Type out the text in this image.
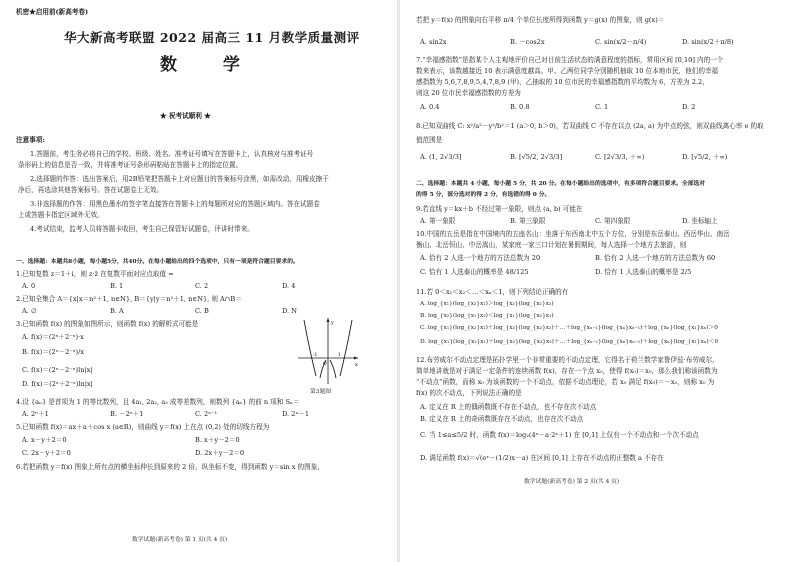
机密★启用前(新高考卷)
华大新高考联盟 2022 届高三 11 月教学质量测评
数 学
★ 祝考试顺利 ★
注意事项:
1.答题前，考生务必将自己的学校、班级、姓名、准考证号填写在答题卡上，认真核对与准考证号
条形码上的信息是否一致，并将准考证号条形码粘贴在答题卡上的指定位置。
2.选择题的作答：选出答案后，用2B铅笔把答题卡上对应题目的答案标号涂黑，如需改动，用橡皮擦干
净后，再选涂其他答案标号。答在试题卷上无效。
3.非选择题的作答：用黑色墨水的签字笔直接答在答题卡上的每题所对应的答题区域内。答在试题卷
上或答题卡指定区域外无效。
4.考试结束，监考人员将答题卡收回，考生自己保管好试题卷，评讲时带来。
一、选择题：本题共8小题，每小题5分，共40分。在每小题给出的四个选项中，只有一项是符合题目要求的。
1.已知复数 z＝1＋i，则 z·z̄ 在复数平面对应点取值 =
A. 0	B. 1	C. 2	D. 4
2.已知全集合 A＝{x|x＝n²＋1, n∈N}, B＝{y|y＝n²＋1, n∈N}, 则 A∩B＝
A. ∅	B. A	C. B	D. N
3.已知函数 f(x) 的图象如图所示，则函数 f(x) 的解析式可能是
A. f(x)＝(2ˣ＋2⁻ˣ)·x
B. f(x)＝(2ˣ－2⁻ˣ)/x
C. f(x)＝(2ˣ－2⁻ˣ)ln|x|
D. f(x)＝(2ˣ＋2⁻ˣ)ln|x|
x
y
O
-1	1
第3题图
4.设 {aₙ} 是首项为 1 的等比数列，且 4a₁, 2a₂, a₃ 成等差数列，则数列 {aₙ} 的前 n 项和 Sₙ＝
A. 2ⁿ＋1	B. －2ⁿ＋1	C. 2ⁿ⁻¹	D. 2ⁿ－1
5.已知函数 f(x)＝ax＋a＋cos x (a∈R)，则曲线 y＝f(x) 上在点 (0,2) 处的切线方程为
A. x－y＋2＝0	B. x＋y－2＝0
C. 2x－y＋2＝0	D. 2x＋y－2＝0
6.若把函数 y＝f(x) 图象上所有点的横坐标伸长到原来的 2 倍，纵坐标不变，得到函数 y＝sin x 的图象，
数学试题(新高考卷) 第 1 页(共 4 页)
若把 y＝f(x) 的图象向右平移 π/4 个单位长度所得到函数 y＝g(x) 的图象，则 g(x)＝
A. sin2x	B. －cos2x	C. sin(x/2－π/4)	D. sin(x/2＋π/8)
7.“幸福感指数”是指某个人主观地评价自己对目前生活状态的满意程度的指标，常用区间 [0,10] 内的一个
数来表示，该数越接近 10 表示满意度越高。甲、乙两位同学分别随机抽取 10 位本地市民，他们的幸福
感指数为 5,6,7,8,9,5,4,7,8,9 (甲)，乙抽取的 10 位市民的幸福感指数的平均数为 6，方差为 2.2，
则这 20 位市民幸福感指数的方差为
A. 0.4	B. 0.8	C. 1	D. 2
8.已知双曲线 C: x²/a²－y²/b²＝1 (a＞0, b＞0)，若双曲线 C 不存在以点 (2a, a) 为中点的弦，则双曲线离心率 e 的取
值范围是
A. (1, 2√3/3]	B. [√5/2, 2√3/3]	C. [2√3/3, ＋∞)	D. [√5/2, ＋∞)
二、选择题：本题共 4 小题，每小题 5 分，共 20 分。在每小题给出的选项中，有多项符合题目要求。全部选对
的得 5 分，部分选对的得 2 分，有选错的得 0 分。
9.若直线 y＝kx＋b 不经过第一象限，则点 (a, b) 可能在
A. 第一象限	B. 第三象限	C. 第四象限	D. 坐标轴上
10.中国的五岳是指在中国境内的五座名山：坐落于东西南北中五个方位，分别是东岳泰山、西岳华山、南岳
衡山、北岳恒山、中岳嵩山，某家庭一家三口计划在暑假期间，每人选择一个地方去旅游，则
A. 恰有 2 人选一个地方的方法总数为 20	B. 恰有 2 人选一个地方的方法总数为 60
C. 恰有 1 人选泰山的概率是 48/125	D. 恰有 1 人选泰山的概率是 2/5
11.若 0＜x₁＜x₂＜…＜xₙ＜1，则下列结论正确的有
A. log_{x₁}(log_{x₂}x₁)＞log_{x₂}(log_{x₁}x₂)
B. log_{x₂}(log_{x₁}x₂)＜log_{x₁}(log_{x₂}x₁)
C. log_{x₁}(log_{x₂}x₁)＋log_{x₂}(log_{x₃}x₂)＋…＋log_{xₙ₋₁}(log_{xₙ}xₙ₋₁)＋log_{xₙ}(log_{x₁}xₙ)＞0
D. log_{x₁}(log_{x₂}x₁)＋log_{x₂}(log_{x₃}x₂)＋…＋log_{xₙ₋₁}(log_{xₙ}xₙ₋₁)＋log_{xₙ}(log_{x₁}xₙ)＜0
12.布劳威尔不动点定理是拓扑学里一个非常重要的不动点定理，它得名于荷兰数学家鲁伊兹·布劳威尔，
简单地讲就是对于满足一定条件的连续函数 f(x)，存在一个点 x₀，使得 f(x₀)＝x₀，那么我们称该函数为
“不动点”函数，而称 x₀ 为该函数的一个不动点，依据不动点理论，若 x₀ 满足 f(x₀)＝－x₀，则称 x₀ 为
f(x) 的次不动点，下列说法正确的是
A. 定义在 R 上的偶函数既不存在不动点，也不存在次不动点
B. 定义在 R 上的奇函数既存在不动点，也存在次不动点
C. 当 1≤a≤5/2 时，函数 f(x)＝log₂(4ˣ－a·2ˣ＋1) 在 [0,1] 上仅有一个不动点和一个次不动点
D. 满足函数 f(x)＝√(eˣ－(1/2)x－a) 在区间 [0,1] 上存在不动点的正整数 a 不存在
数学试题(新高考卷) 第 2 页(共 4 页)
